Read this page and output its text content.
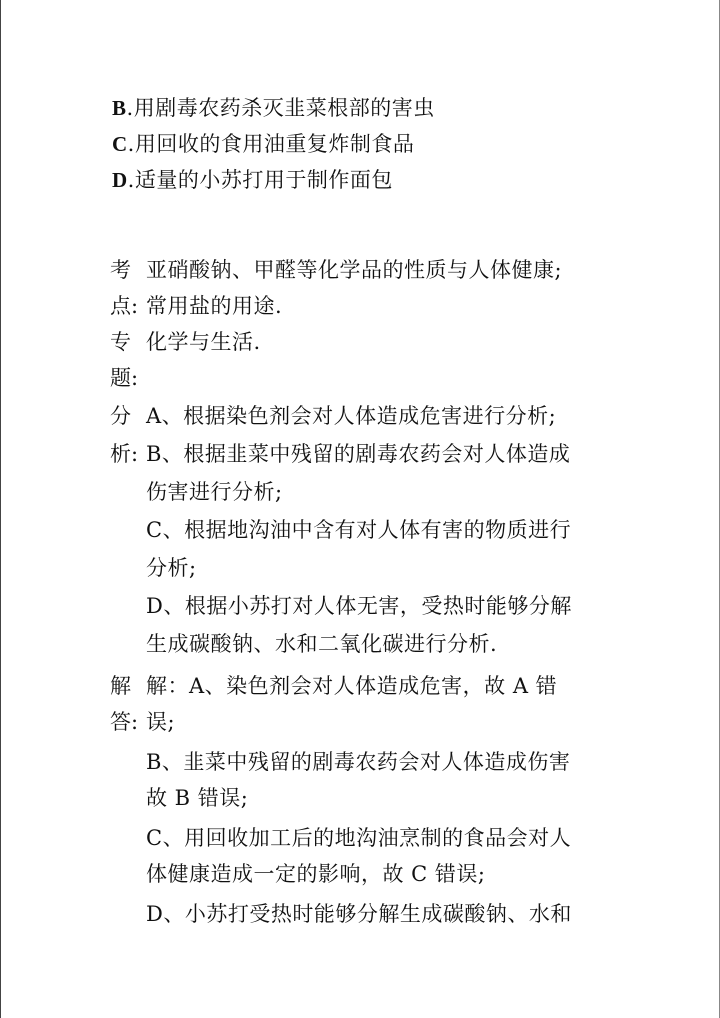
B.用剧毒农药杀灭韭菜根部的害虫
C.用回收的食用油重复炸制食品
D.适量的小苏打用于制作面包
考
点:
亚硝酸钠、甲醛等化学品的性质与人体健康;
常用盐的用途.
专
题:
化学与生活.
分
析:
A、根据染色剂会对人体造成危害进行分析;
B、根据韭菜中残留的剧毒农药会对人体造成
伤害进行分析;
C、根据地沟油中含有对人体有害的物质进行
分析;
D、根据小苏打对人体无害，受热时能够分解
生成碳酸钠、水和二氧化碳进行分析.
解
答:
解：A、染色剂会对人体造成危害，故 A 错
误;
B、韭菜中残留的剧毒农药会对人体造成伤害
故 B 错误;
C、用回收加工后的地沟油烹制的食品会对人
体健康造成一定的影响，故 C 错误;
D、小苏打受热时能够分解生成碳酸钠、水和
